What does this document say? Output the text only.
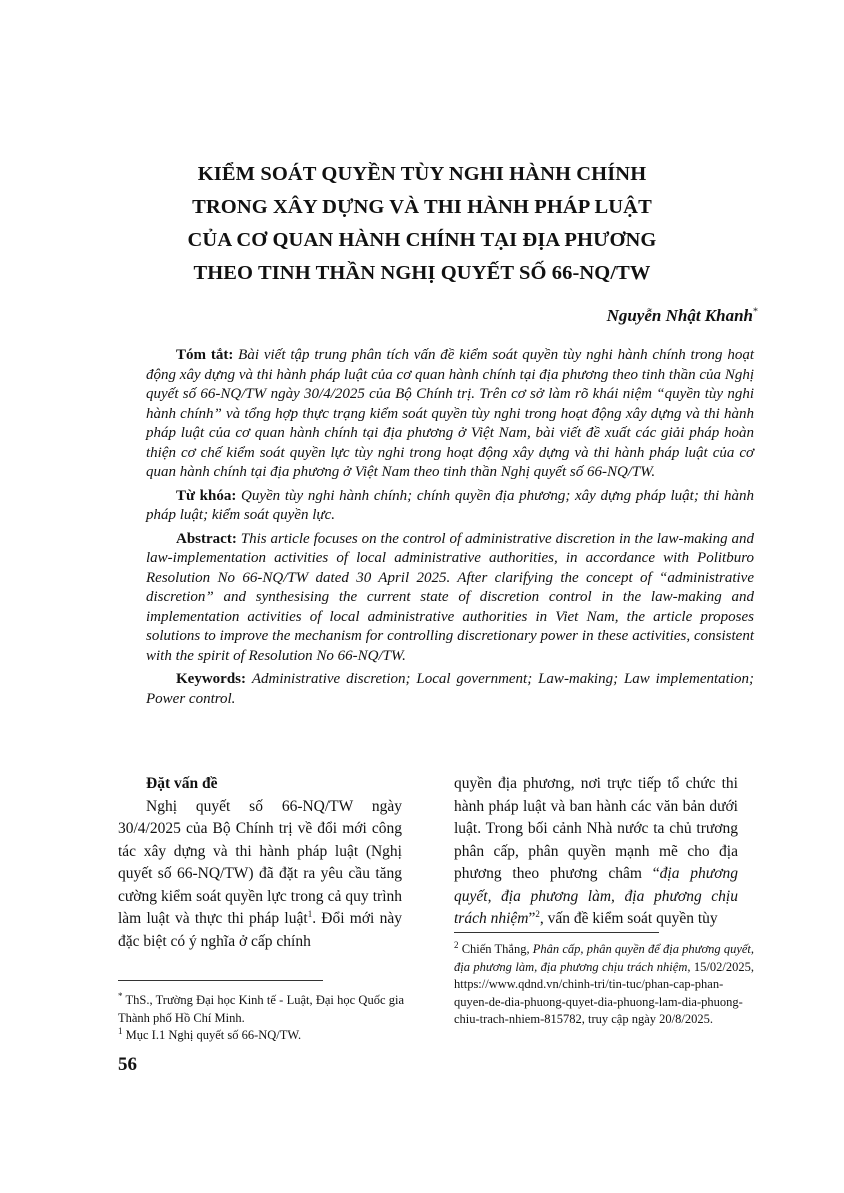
KIỂM SOÁT QUYỀN TÙY NGHI HÀNH CHÍNH
TRONG XÂY DỰNG VÀ THI HÀNH PHÁP LUẬT
CỦA CƠ QUAN HÀNH CHÍNH TẠI ĐỊA PHƯƠNG
THEO TINH THẦN NGHỊ QUYẾT SỐ 66-NQ/TW
Nguyễn Nhật Khanh*

Tóm tắt: Bài viết tập trung phân tích vấn đề kiểm soát quyền tùy nghi hành chính trong hoạt động xây dựng và thi hành pháp luật của cơ quan hành chính tại địa phương theo tinh thần của Nghị quyết số 66-NQ/TW ngày 30/4/2025 của Bộ Chính trị. Trên cơ sở làm rõ khái niệm “quyền tùy nghi hành chính” và tổng hợp thực trạng kiểm soát quyền tùy nghi trong hoạt động xây dựng và thi hành pháp luật của cơ quan hành chính tại địa phương ở Việt Nam, bài viết đề xuất các giải pháp hoàn thiện cơ chế kiểm soát quyền lực tùy nghi trong hoạt động xây dựng và thi hành pháp luật của cơ quan hành chính tại địa phương ở Việt Nam theo tinh thần Nghị quyết số 66-NQ/TW.

Từ khóa: Quyền tùy nghi hành chính; chính quyền địa phương; xây dựng pháp luật; thi hành pháp luật; kiểm soát quyền lực.

Abstract: This article focuses on the control of administrative discretion in the law-making and law-implementation activities of local administrative authorities, in accordance with Politburo Resolution No 66-NQ/TW dated 30 April 2025. After clarifying the concept of “administrative discretion” and synthesising the current state of discretion control in the law-making and implementation activities of local administrative authorities in Viet Nam, the article proposes solutions to improve the mechanism for controlling discretionary power in these activities, consistent with the spirit of Resolution No 66-NQ/TW.

Keywords: Administrative discretion; Local government; Law-making; Law implementation; Power control.

Đặt vấn đề

Nghị quyết số 66-NQ/TW ngày 30/4/2025 của Bộ Chính trị về đổi mới công tác xây dựng và thi hành pháp luật (Nghị quyết số 66-NQ/TW) đã đặt ra yêu cầu tăng cường kiểm soát quyền lực trong cả quy trình làm luật và thực thi pháp luật$^1$. Đổi mới này đặc biệt có ý nghĩa ở cấp chính

quyền địa phương, nơi trực tiếp tổ chức thi hành pháp luật và ban hành các văn bản dưới luật. Trong bối cảnh Nhà nước ta chủ trương phân cấp, phân quyền mạnh mẽ cho địa phương theo phương châm “địa phương quyết, địa phương làm, địa phương chịu trách nhiệm”$^2$, vấn đề kiểm soát quyền tùy

* ThS., Trường Đại học Kinh tế - Luật, Đại học Quốc gia Thành phố Hồ Chí Minh.

$^1$ Mục I.1 Nghị quyết số 66-NQ/TW.

$^2$ Chiến Thắng, Phân cấp, phân quyền để địa phương quyết, địa phương làm, địa phương chịu trách nhiệm, 15/02/2025, https://www.qdnd.vn/chinh-tri/tin-tuc/phan-cap-phan-quyen-de-dia-phuong-quyet-dia-phuong-lam-dia-phuong-chiu-trach-nhiem-815782, truy cập ngày 20/8/2025.

56
